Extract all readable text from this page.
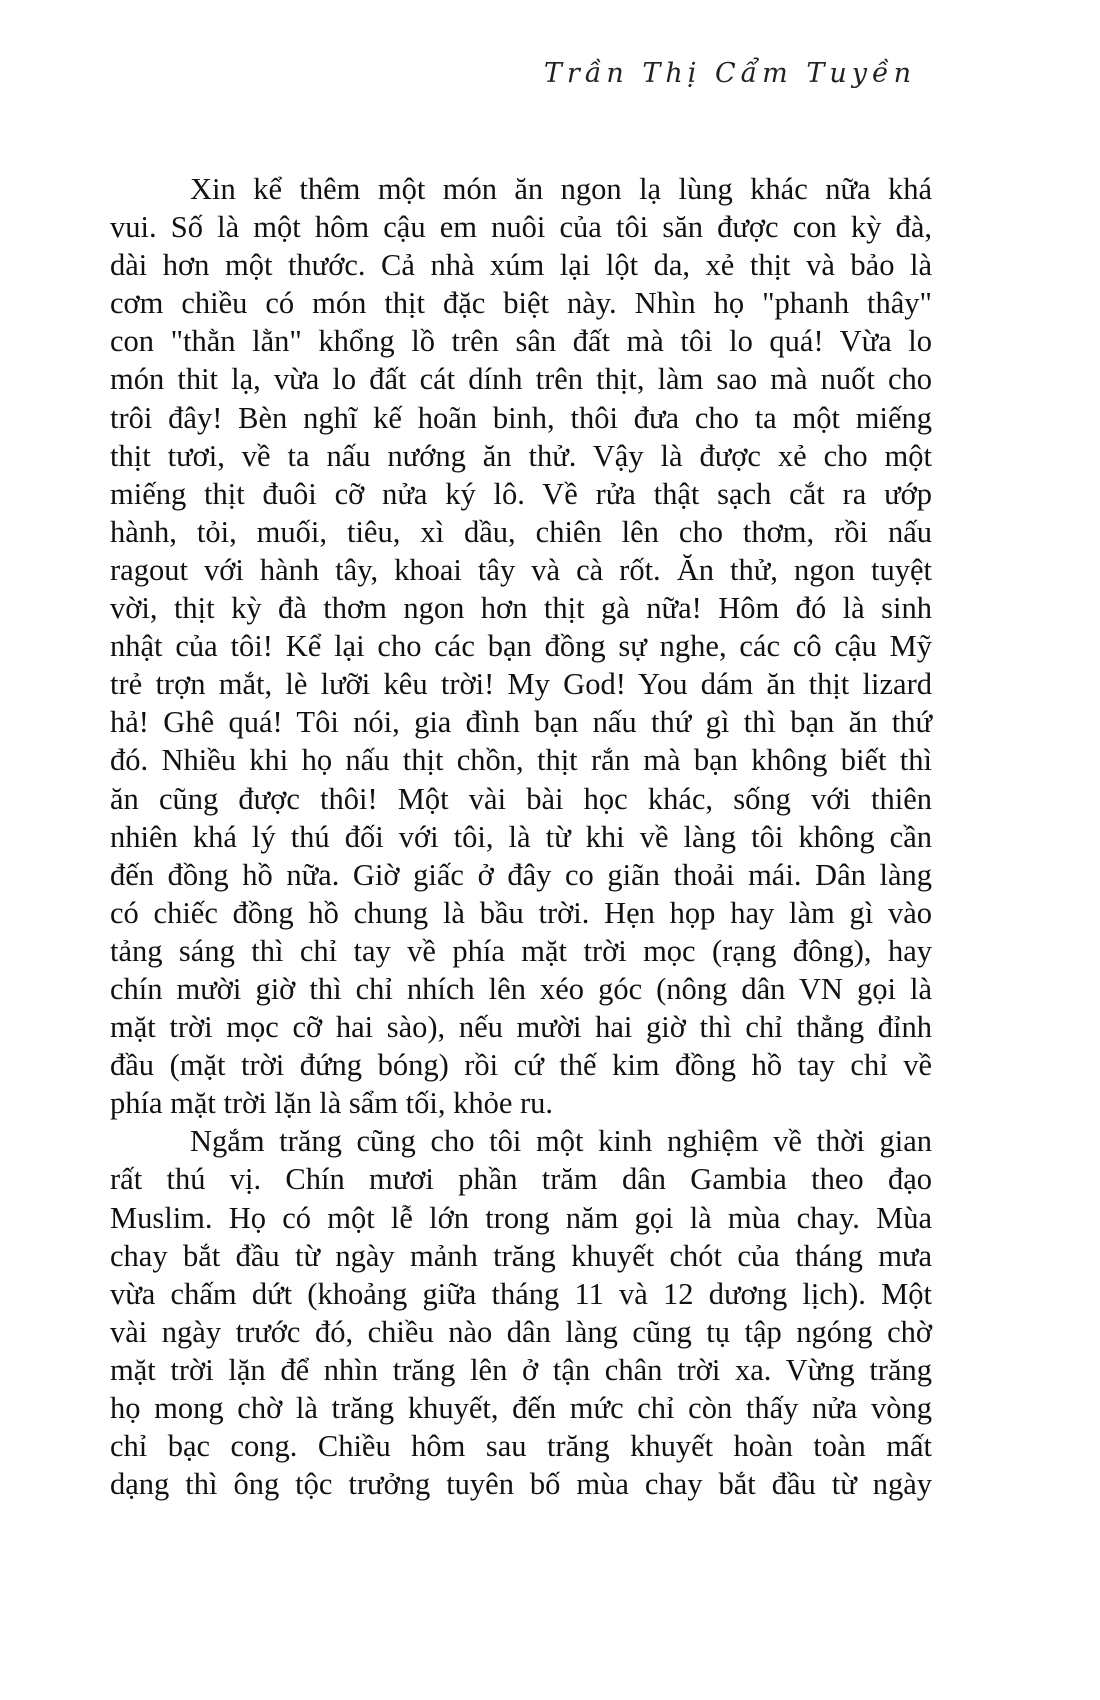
Trần Thị Cẩm Tuyền
Xin kể thêm một món ăn ngon lạ lùng khác nữa khá
vui. Số là một hôm cậu em nuôi của tôi săn được con kỳ đà,
dài hơn một thước. Cả nhà xúm lại lột da, xẻ thịt và bảo là
cơm chiều có món thịt đặc biệt này. Nhìn họ "phanh thây"
con "thằn lằn" khổng lồ trên sân đất mà tôi lo quá! Vừa lo
món thit lạ, vừa lo đất cát dính trên thịt, làm sao mà nuốt cho
trôi đây! Bèn nghĩ kế hoãn binh, thôi đưa cho ta một miếng
thịt tươi, về ta nấu nướng ăn thử. Vậy là được xẻ cho một
miếng thịt đuôi cỡ nửa ký lô. Về rửa thật sạch cắt ra ướp
hành, tỏi, muối, tiêu, xì dầu, chiên lên cho thơm, rồi nấu
ragout với hành tây, khoai tây và cà rốt. Ăn thử, ngon tuyệt
vời, thịt kỳ đà thơm ngon hơn thịt gà nữa! Hôm đó là sinh
nhật của tôi! Kể lại cho các bạn đồng sự nghe, các cô cậu Mỹ
trẻ trợn mắt, lè lưỡi kêu trời! My God! You dám ăn thịt lizard
hả! Ghê quá! Tôi nói, gia đình bạn nấu thứ gì thì bạn ăn thứ
đó. Nhiều khi họ nấu thịt chồn, thịt rắn mà bạn không biết thì
ăn cũng được thôi! Một vài bài học khác, sống với thiên
nhiên khá lý thú đối với tôi, là từ khi về làng tôi không cần
đến đồng hồ nữa. Giờ giấc ở đây co giãn thoải mái. Dân làng
có chiếc đồng hồ chung là bầu trời. Hẹn họp hay làm gì vào
tảng sáng thì chỉ tay về phía mặt trời mọc (rạng đông), hay
chín mười giờ thì chỉ nhích lên xéo góc (nông dân VN gọi là
mặt trời mọc cỡ hai sào), nếu mười hai giờ thì chỉ thẳng đỉnh
đầu (mặt trời đứng bóng) rồi cứ thế kim đồng hồ tay chỉ về
phía mặt trời lặn là sẩm tối, khỏe ru.
Ngắm trăng cũng cho tôi một kinh nghiệm về thời gian
rất thú vị. Chín mươi phần trăm dân Gambia theo đạo
Muslim. Họ có một lễ lớn trong năm gọi là mùa chay. Mùa
chay bắt đầu từ ngày mảnh trăng khuyết chót của tháng mưa
vừa chấm dứt (khoảng giữa tháng 11 và 12 dương lịch). Một
vài ngày trước đó, chiều nào dân làng cũng tụ tập ngóng chờ
mặt trời lặn để nhìn trăng lên ở tận chân trời xa. Vừng trăng
họ mong chờ là trăng khuyết, đến mức chỉ còn thấy nửa vòng
chỉ bạc cong. Chiều hôm sau trăng khuyết hoàn toàn mất
dạng thì ông tộc trưởng tuyên bố mùa chay bắt đầu từ ngày
